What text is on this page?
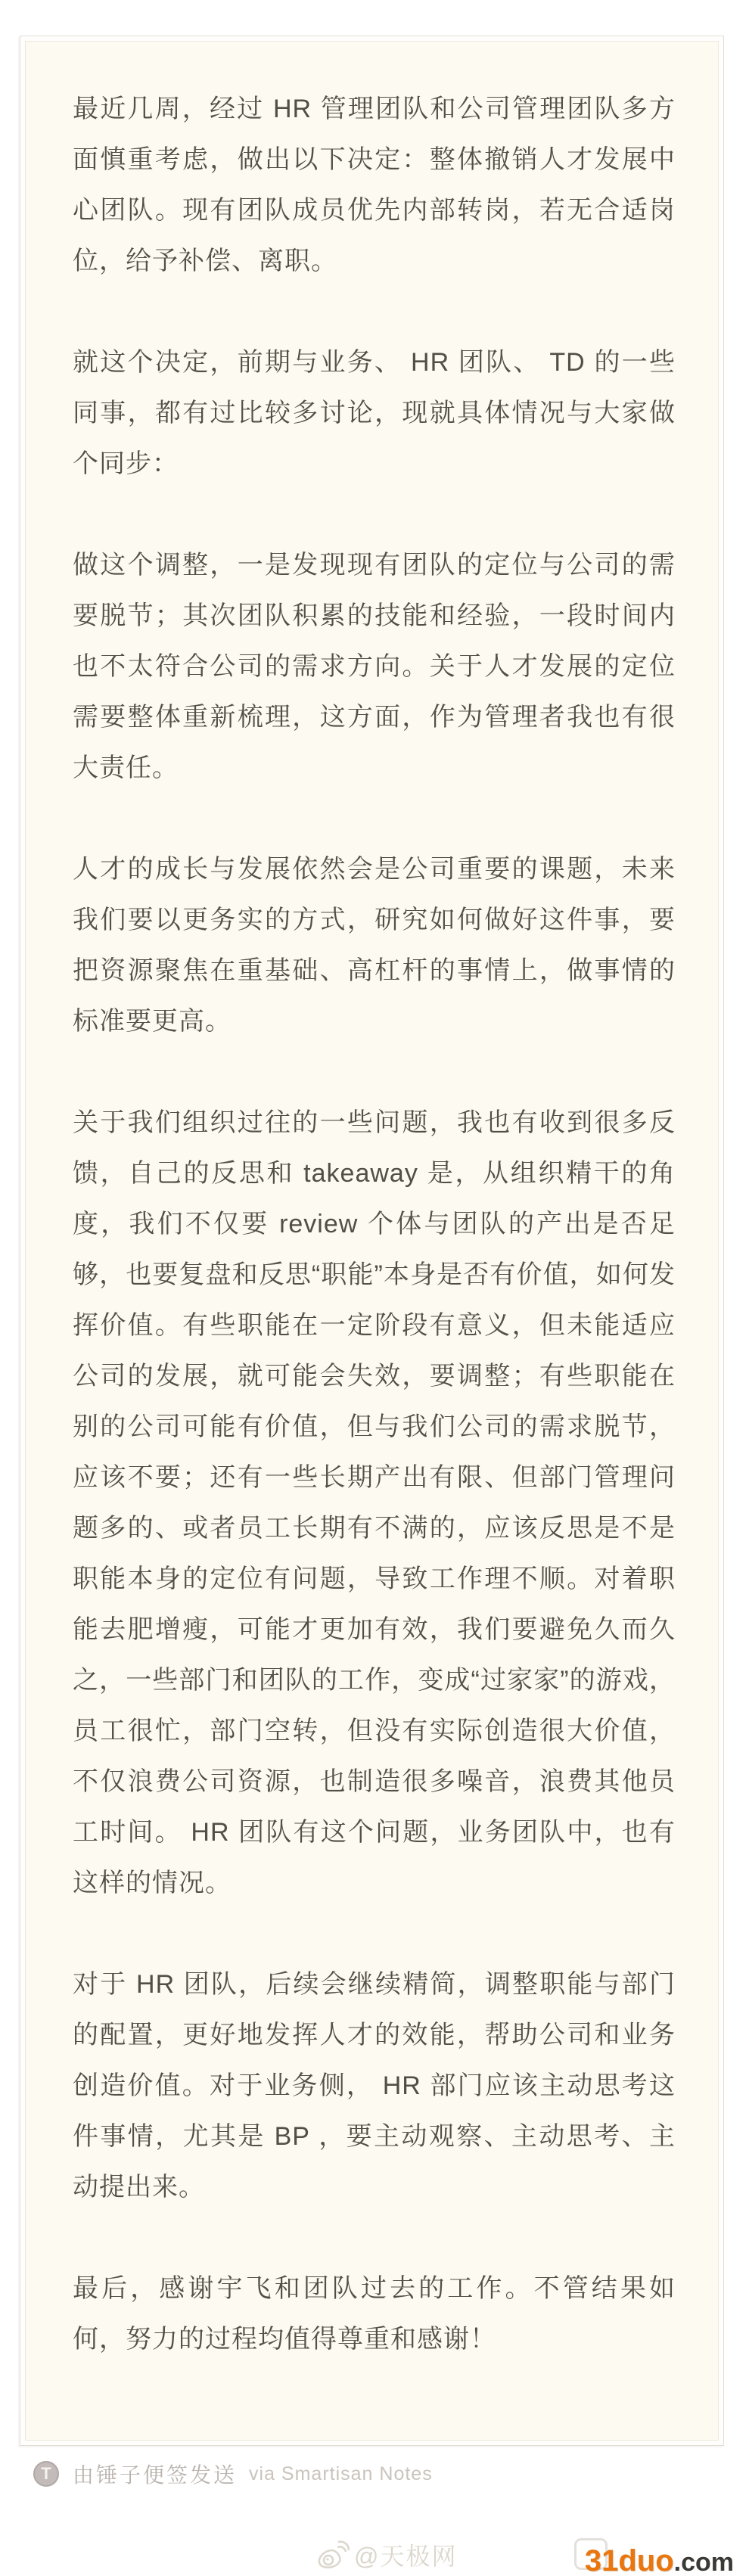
最近几周，经过 HR 管理团队和公司管理团队多方面慎重考虑，做出以下决定：整体撤销人才发展中心团队。现有团队成员优先内部转岗，若无合适岗位，给予补偿、离职。

就这个决定，前期与业务、 HR 团队、 TD 的一些同事，都有过比较多讨论，现就具体情况与大家做个同步：

做这个调整，一是发现现有团队的定位与公司的需要脱节；其次团队积累的技能和经验，一段时间内也不太符合公司的需求方向。关于人才发展的定位需要整体重新梳理，这方面，作为管理者我也有很大责任。

人才的成长与发展依然会是公司重要的课题，未来我们要以更务实的方式，研究如何做好这件事，要把资源聚焦在重基础、高杠杆的事情上，做事情的标准要更高。

关于我们组织过往的一些问题，我也有收到很多反馈，自己的反思和 takeaway 是，从组织精干的角度，我们不仅要 review 个体与团队的产出是否足够，也要复盘和反思“职能”本身是否有价值，如何发挥价值。有些职能在一定阶段有意义，但未能适应公司的发展，就可能会失效，要调整；有些职能在别的公司可能有价值，但与我们公司的需求脱节，应该不要；还有一些长期产出有限、但部门管理问题多的、或者员工长期有不满的，应该反思是不是职能本身的定位有问题，导致工作理不顺。对着职能去肥增瘦，可能才更加有效，我们要避免久而久之，一些部门和团队的工作，变成“过家家”的游戏，员工很忙，部门空转，但没有实际创造很大价值，不仅浪费公司资源，也制造很多噪音，浪费其他员工时间。 HR 团队有这个问题，业务团队中，也有这样的情况。

对于 HR 团队，后续会继续精简，调整职能与部门的配置，更好地发挥人才的效能，帮助公司和业务创造价值。对于业务侧， HR 部门应该主动思考这件事情，尤其是 BP ，要主动观察、主动思考、主动提出来。

最后，感谢宇飞和团队过去的工作。不管结果如何，努力的过程均值得尊重和感谢！

T	由锤子便签发送 via Smartisan Notes
@天极网	31duo.com
